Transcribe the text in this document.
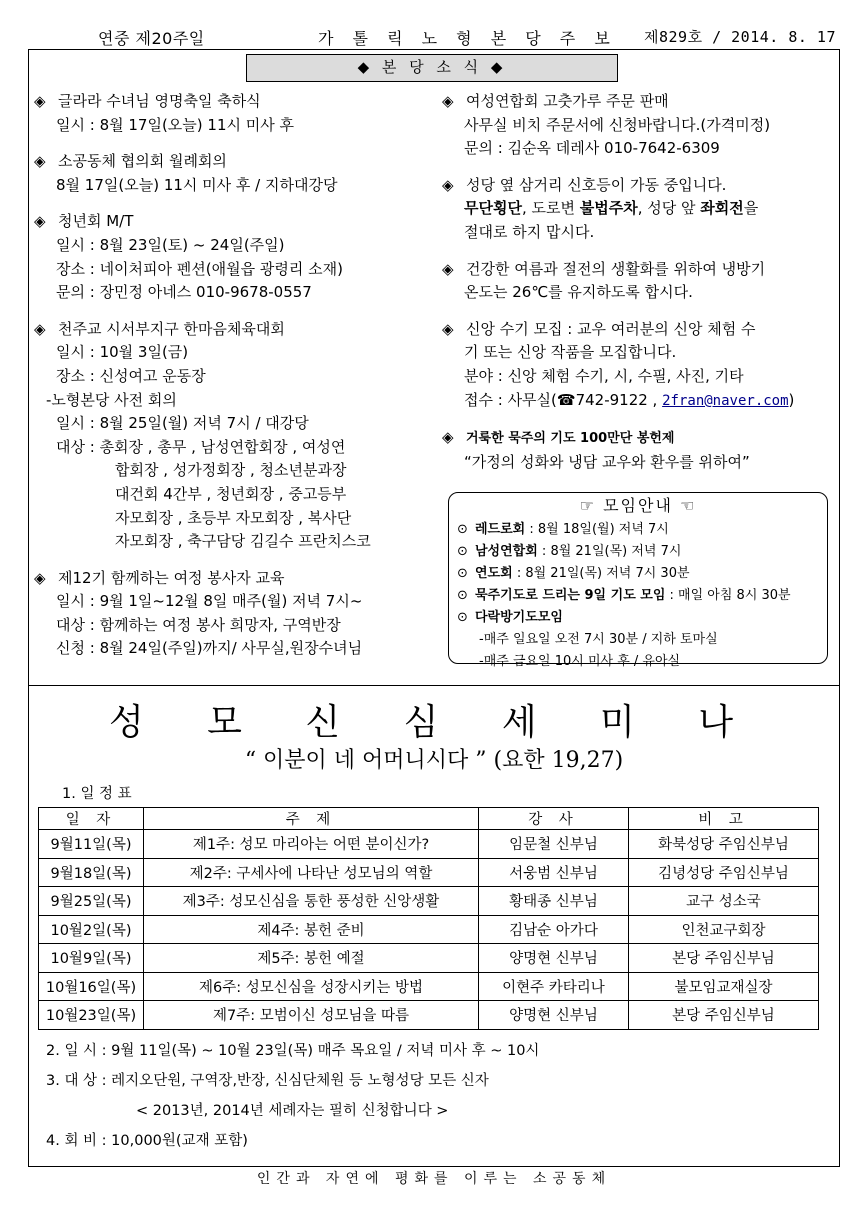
연중 제20주일	가 톨 릭 노 형 본 당 주 보 제829호 / 2014. 8. 17
◆ 본 당 소 식 ◆
◈ 글라라 수녀님 영명축일 축하식
일시 : 8월 17일(오늘) 11시 미사 후
◈ 소공동체 협의회 월례회의
8월 17일(오늘) 11시 미사 후 / 지하대강당
◈ 청년회 M/T
일시 : 8월 23일(토) ~ 24일(주일)
장소 : 네이처피아 펜션(애월읍 광령리 소재)
문의 : 장민정 아네스 010-9678-0557
◈ 천주교 시서부지구 한마음체육대회
일시 : 10월 3일(금)
장소 : 신성여고 운동장
-노형본당 사전 회의
일시 : 8월 25일(월) 저녁 7시 / 대강당
대상 : 총회장 , 총무 , 남성연합회장 , 여성연
합회장 , 성가정회장 , 청소년분과장
대건회 4간부 , 청년회장 , 중고등부
자모회장 , 초등부 자모회장 , 복사단
자모회장 , 축구담당 김길수 프란치스코
◈ 제12기 함께하는 여정 봉사자 교육
일시 : 9월 1일~12월 8일 매주(월) 저녁 7시~
대상 : 함께하는 여정 봉사 희망자, 구역반장
신청 : 8월 24일(주일)까지/ 사무실,원장수녀님
◈ 여성연합회 고춧가루 주문 판매
사무실 비치 주문서에 신청바랍니다.(가격미정)
문의 : 김순옥 데레사 010-7642-6309
◈ 성당 옆 삼거리 신호등이 가동 중입니다.
무단횡단, 도로변 불법주차, 성당 앞 좌회전을
절대로 하지 맙시다.
◈ 건강한 여름과 절전의 생활화를 위하여 냉방기
온도는 26℃를 유지하도록 합시다.
◈ 신앙 수기 모집 : 교우 여러분의 신앙 체험 수
기 또는 신앙 작품을 모집합니다.
분야 : 신앙 체험 수기, 시, 수필, 사진, 기타
접수 : 사무실(☎742-9122 , 2fran@naver.com)
◈ 거룩한 묵주의 기도 100만단 봉헌제
“가정의 성화와 냉담 교우와 환우를 위하여”
☞ 모임안내 ☜
⊙ 레드로회 : 8월 18일(월) 저녁 7시
⊙ 남성연합회 : 8월 21일(목) 저녁 7시
⊙ 연도회 : 8월 21일(목) 저녁 7시 30분
⊙ 묵주기도로 드리는 9일 기도 모임 : 매일 아침 8시 30분
⊙ 다락방기도모임
-매주 일요일 오전 7시 30분 / 지하 토마실
-매주 금요일 10시 미사 후 / 유아실
성 모 신 심 세 미 나
“ 이분이 네 어머니시다 ” (요한 19,27)
1. 일 정 표
일 자	주 제	강 사	비 고
9월11일(목)	제1주: 성모 마리아는 어떤 분이신가?	임문철 신부님	화북성당 주임신부님
9월18일(목)	제2주: 구세사에 나타난 성모님의 역할	서웅범 신부님	김녕성당 주임신부님
9월25일(목)	제3주: 성모신심을 통한 풍성한 신앙생활	황태종 신부님	교구 성소국
10월2일(목)	제4주: 봉헌 준비	김남순 아가다	인천교구회장
10월9일(목)	제5주: 봉헌 예절	양명현 신부님	본당 주임신부님
10월16일(목)	제6주: 성모신심을 성장시키는 방법	이현주 카타리나	불모임교재실장
10월23일(목)	제7주: 모범이신 성모님을 따름	양명현 신부님	본당 주임신부님
2. 일 시 : 9월 11일(목) ~ 10월 23일(목) 매주 목요일 / 저녁 미사 후 ~ 10시
3. 대 상 : 레지오단원, 구역장,반장, 신심단체원 등 노형성당 모든 신자
< 2013년, 2014년 세례자는 필히 신청합니다 >
4. 회 비 : 10,000원(교재 포함)
인간과 자연에 평화를 이루는 소공동체
